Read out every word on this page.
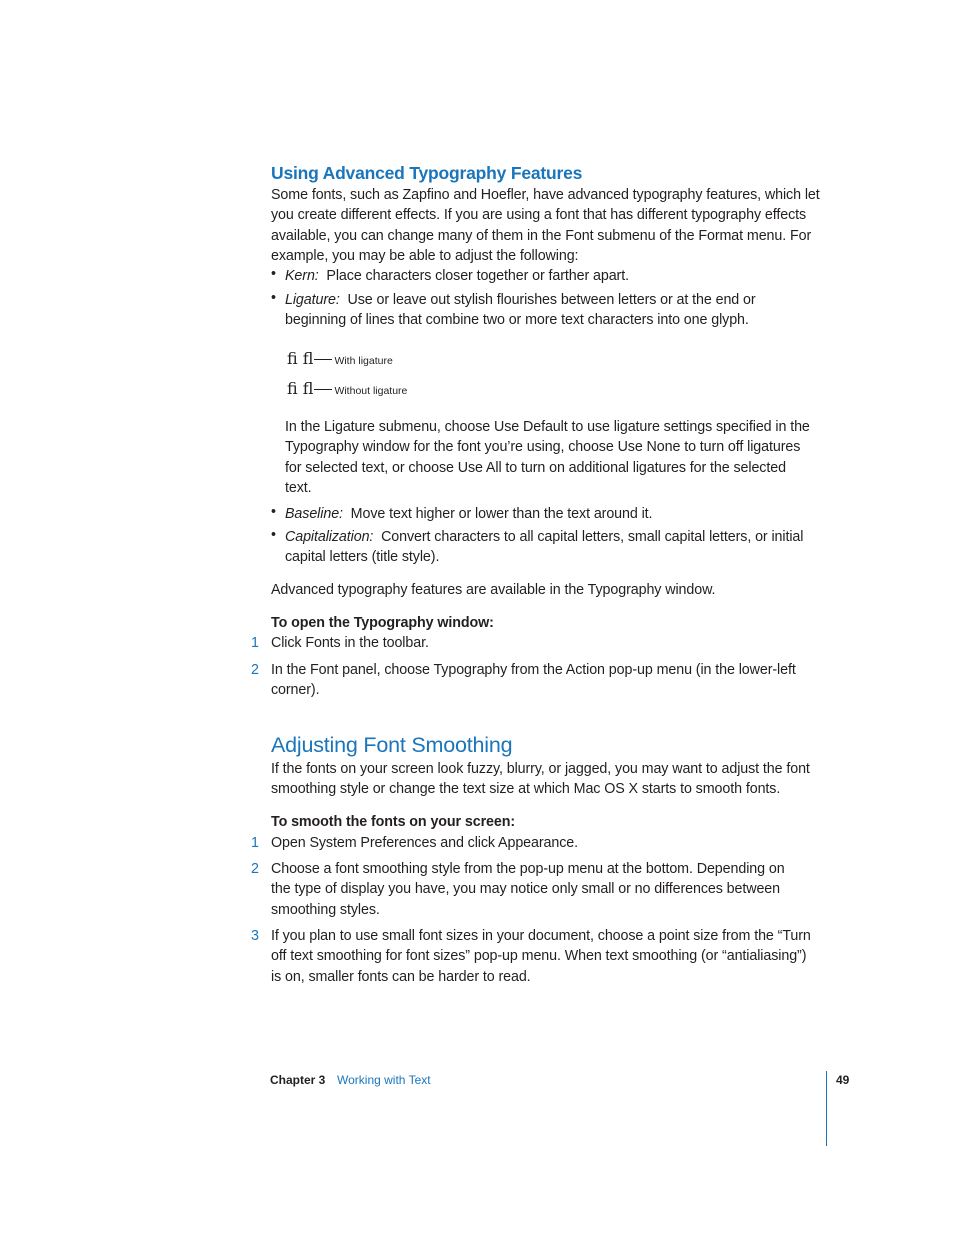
Using Advanced Typography Features
Some fonts, such as Zapfino and Hoefler, have advanced typography features, which let
you create different effects. If you are using a font that has different typography effects
available, you can change many of them in the Font submenu of the Format menu. For
example, you may be able to adjust the following:
• Kern: Place characters closer together or farther apart.
• Ligature: Use or leave out stylish flourishes between letters or at the end or
beginning of lines that combine two or more text characters into one glyph.
ﬁ ﬂ With ligature
fi fl Without ligature
In the Ligature submenu, choose Use Default to use ligature settings specified in the
Typography window for the font you’re using, choose Use None to turn off ligatures
for selected text, or choose Use All to turn on additional ligatures for the selected
text.
• Baseline: Move text higher or lower than the text around it.
• Capitalization: Convert characters to all capital letters, small capital letters, or initial
capital letters (title style).
Advanced typography features are available in the Typography window.
To open the Typography window:
1 Click Fonts in the toolbar.
2 In the Font panel, choose Typography from the Action pop-up menu (in the lower-left
corner).
Adjusting Font Smoothing
If the fonts on your screen look fuzzy, blurry, or jagged, you may want to adjust the font
smoothing style or change the text size at which Mac OS X starts to smooth fonts.
To smooth the fonts on your screen:
1 Open System Preferences and click Appearance.
2 Choose a font smoothing style from the pop-up menu at the bottom. Depending on
the type of display you have, you may notice only small or no differences between
smoothing styles.
3 If you plan to use small font sizes in your document, choose a point size from the “Turn
off text smoothing for font sizes” pop-up menu. When text smoothing (or “antialiasing”)
is on, smaller fonts can be harder to read.
Chapter 3 Working with Text	49
